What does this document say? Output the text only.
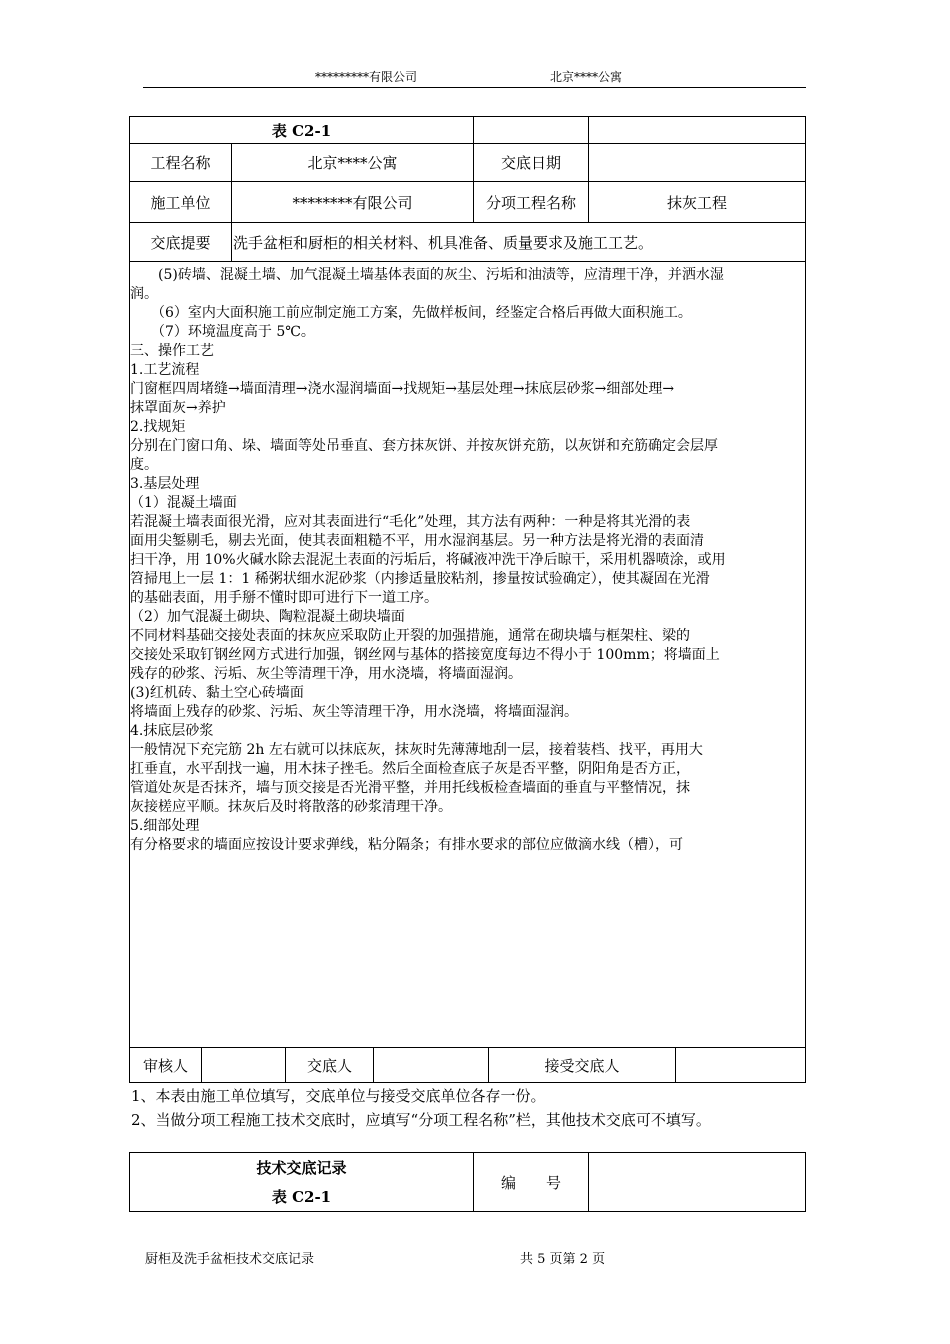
*********有限公司	北京****公寓
表 C2-1			
工程名称	北京****公寓	交底日期	
施工单位	********有限公司	分项工程名称	抹灰工程
交底提要	洗手盆柜和厨柜的相关材料、机具准备、质量要求及施工工艺。		

　　(5)砖墙、混凝土墙、加气混凝土墙基体表面的灰尘、污垢和油渍等，应清理干净，并洒水湿

润。

　　（6）室内大面积施工前应制定施工方案，先做样板间，经鉴定合格后再做大面积施工。

　　（7）环境温度高于 5℃。

三、操作工艺

1.工艺流程

门窗框四周堵缝→墙面清理→浇水湿润墙面→找规矩→基层处理→抹底层砂浆→细部处理→

抹罩面灰→养护

2.找规矩

分别在门窗口角、垛、墙面等处吊垂直、套方抹灰饼、并按灰饼充筋，以灰饼和充筋确定会层厚

度。

3.基层处理

（1）混凝土墙面

若混凝土墙表面很光滑，应对其表面进行“毛化”处理，其方法有两种：一种是将其光滑的表

面用尖錾剔毛，剔去光面，使其表面粗糙不平，用水湿润基层。另一种方法是将光滑的表面清

扫干净，用 10%火碱水除去混泥土表面的污垢后，将碱液冲洗干净后晾干，采用机器喷涂，或用

笤掃甩上一层 1：1 稀粥状细水泥砂浆（内掺适量胶粘剂，掺量按试验确定），使其凝固在光滑

的基础表面，用手掰不懂时即可进行下一道工序。

（2）加气混凝土砌块、陶粒混凝土砌块墙面

不同材料基础交接处表面的抹灰应采取防止开裂的加强措施，通常在砌块墙与框架柱、梁的

交接处采取钉钢丝网方式进行加强，钢丝网与基体的搭接宽度每边不得小于 100mm；将墙面上

残存的砂浆、污垢、灰尘等清理干净，用水浇墙，将墙面湿润。

(3)红机砖、黏土空心砖墙面

将墙面上残存的砂浆、污垢、灰尘等清理干净，用水浇墙，将墙面湿润。

4.抹底层砂浆

一般情况下充完筋 2h 左右就可以抹底灰，抹灰时先薄薄地刮一层，接着装档、找平，再用大

扛垂直，水平刮找一遍，用木抹子挫毛。然后全面检查底子灰是否平整，阴阳角是否方正，

管道处灰是否抹齐，墙与顶交接是否光滑平整，并用托线板检查墙面的垂直与平整情况，抹

灰接槎应平顺。抹灰后及时将散落的砂浆清理干净。

5.细部处理

有分格要求的墙面应按设计要求弹线，粘分隔条；有排水要求的部位应做滴水线（槽），可

审核人		交底人		接受交底人	

1、本表由施工单位填写，交底单位与接受交底单位各存一份。

2、当做分项工程施工技术交底时，应填写“分项工程名称”栏，其他技术交底可不填写。

技术交底记录	编　　号	
表 C2-1
厨柜及洗手盆柜技术交底记录	共 5 页第 2 页
